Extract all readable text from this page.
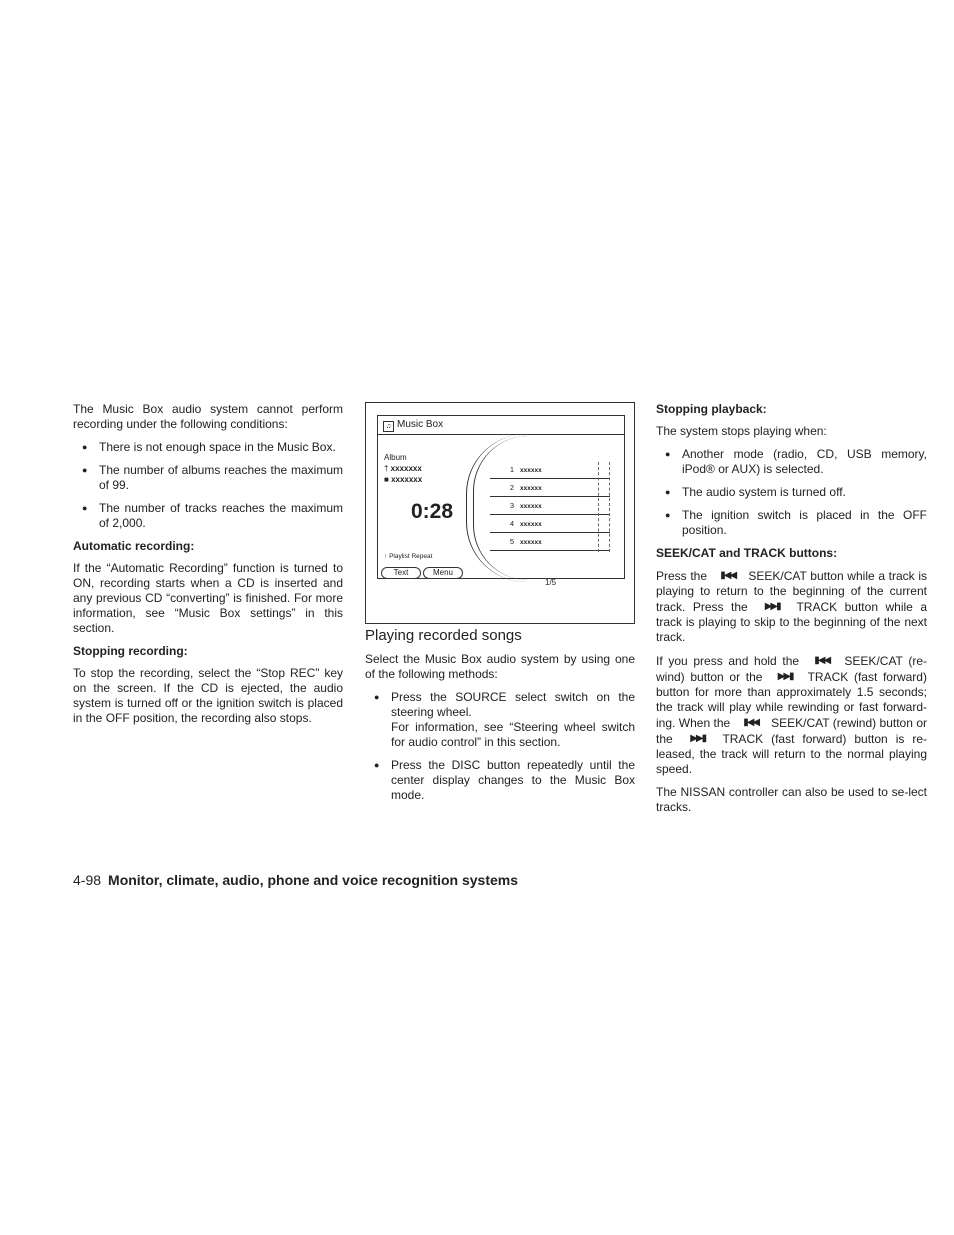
The Music Box audio system cannot perform recording under the following conditions:

● There is not enough space in the Music Box.
● The number of albums reaches the maximum of 99.
● The number of tracks reaches the maximum of 2,000.

Automatic recording:

If the “Automatic Recording” function is turned to ON, recording starts when a CD is inserted and any previous CD “converting” is finished. For more information, see “Music Box settings” in this section.

Stopping recording:

To stop the recording, select the “Stop REC” key on the screen. If the CD is ejected, the audio system is turned off or the ignition switch is placed in the OFF position, the recording also stops.

♫ Music Box
Album
† xxxxxxx
■ xxxxxxx
0:28
↑ Playlist Repeat
1 xxxxxx
2 xxxxxx
3 xxxxxx
4 xxxxxx
5 xxxxxx
Text	Menu
1/5
Playing recorded songs

Select the Music Box audio system by using one of the following methods:

● Press the SOURCE select switch on the steering wheel.
For information, see “Steering wheel switch for audio control” in this section.
● Press the DISC button repeatedly until the center display changes to the Music Box mode.

Stopping playback:

The system stops playing when:

● Another mode (radio, CD, USB memory, iPod® or AUX) is selected.
● The audio system is turned off.
● The ignition switch is placed in the OFF position.

SEEK/CAT and TRACK buttons:

Press the ▮◀◀ SEEK/CAT button while a track is playing to return to the beginning of the current track. Press the ▶▶▮ TRACK button while a track is playing to skip to the beginning of the next track.

If you press and hold the ▮◀◀ SEEK/CAT (re-wind) button or the ▶▶▮ TRACK (fast forward) button for more than approximately 1.5 seconds; the track will play while rewinding or fast forward-ing. When the ▮◀◀ SEEK/CAT (rewind) button or the ▶▶▮ TRACK (fast forward) button is re-leased, the track will return to the normal playing speed.

The NISSAN controller can also be used to se-lect tracks.

4-98 Monitor, climate, audio, phone and voice recognition systems
